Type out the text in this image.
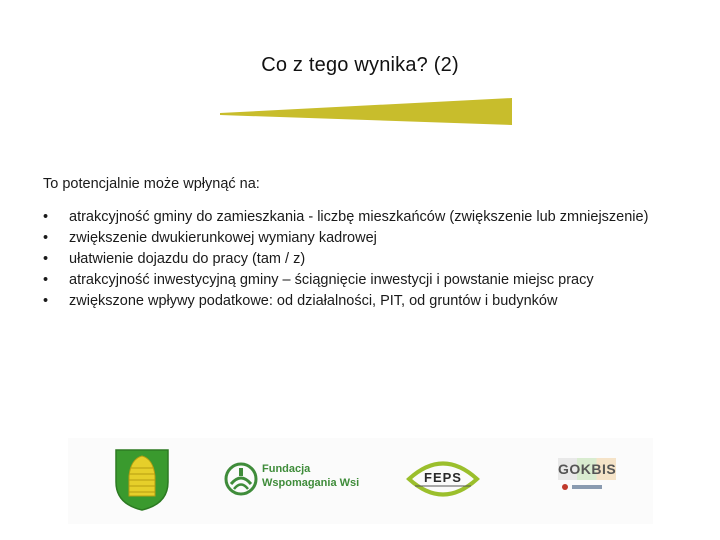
Co z tego wynika? (2)
To potencjalnie może wpłynąć na:
• atrakcyjność gminy do zamieszkania - liczbę mieszkańców (zwiększenie lub zmniejszenie)
• zwiększenie dwukierunkowej wymiany kadrowej
• ułatwienie dojazdu do pracy (tam / z)
• atrakcyjność inwestycyjną gminy – ściągnięcie inwestycji i powstanie miejsc pracy
• zwiększone wpływy podatkowe: od działalności, PIT, od gruntów i budynków
Fundacja
Wspomagania Wsi	FEPS
GOKBIS
